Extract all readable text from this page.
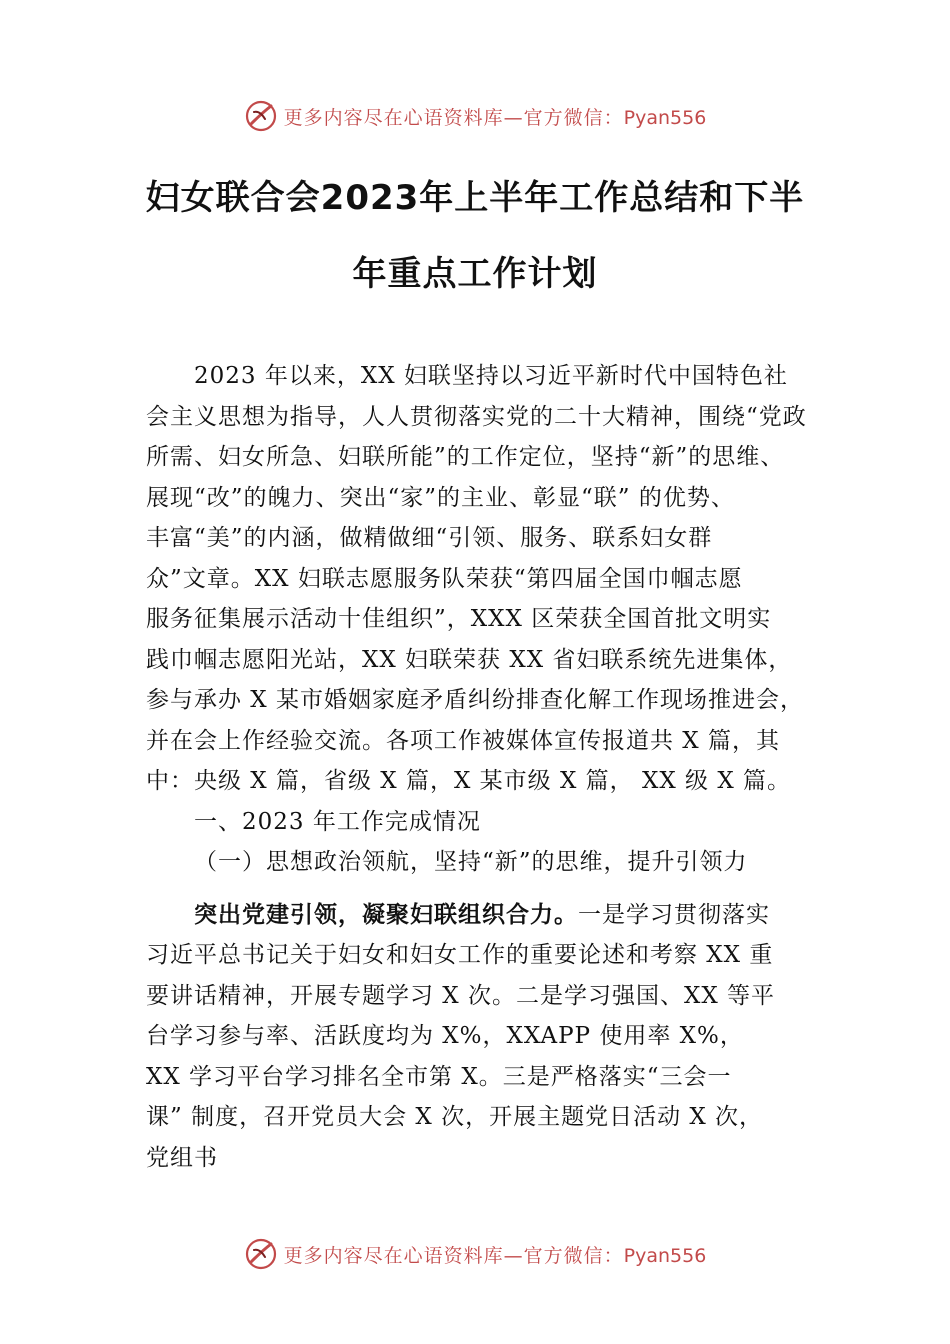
更多内容尽在心语资料库—官方微信：Pyan556
妇女联合会2023年上半年工作总结和下半
年重点工作计划
2023 年以来，XX 妇联坚持以习近平新时代中国特色社
会主义思想为指导，人人贯彻落实党的二十大精神，围绕“党政
所需、妇女所急、妇联所能”的工作定位，坚持“新”的思维、
展现“改”的魄力、突出“家”的主业、彰显“联” 的优势、
丰富“美”的内涵，做精做细“引领、服务、联系妇女群
众”文章。XX 妇联志愿服务队荣获“第四届全国巾帼志愿
服务征集展示活动十佳组织”，XXX 区荣获全国首批文明实
践巾帼志愿阳光站，XX 妇联荣获 XX 省妇联系统先进集体，
参与承办 X 某市婚姻家庭矛盾纠纷排查化解工作现场推进会，
并在会上作经验交流。各项工作被媒体宣传报道共 X 篇，其
中：央级 X 篇，省级 X 篇，X 某市级 X 篇， XX 级 X 篇。
一、2023 年工作完成情况
（一）思想政治领航，坚持“新”的思维，提升引领力
突出党建引领，凝聚妇联组织合力。一是学习贯彻落实
习近平总书记关于妇女和妇女工作的重要论述和考察 XX 重
要讲话精神，开展专题学习 X 次。二是学习强国、XX 等平
台学习参与率、活跃度均为 X%，XXAPP 使用率 X%，
XX 学习平台学习排名全市第 X。三是严格落实“三会一
课” 制度，召开党员大会 X 次，开展主题党日活动 X 次，
党组书
更多内容尽在心语资料库—官方微信：Pyan556
